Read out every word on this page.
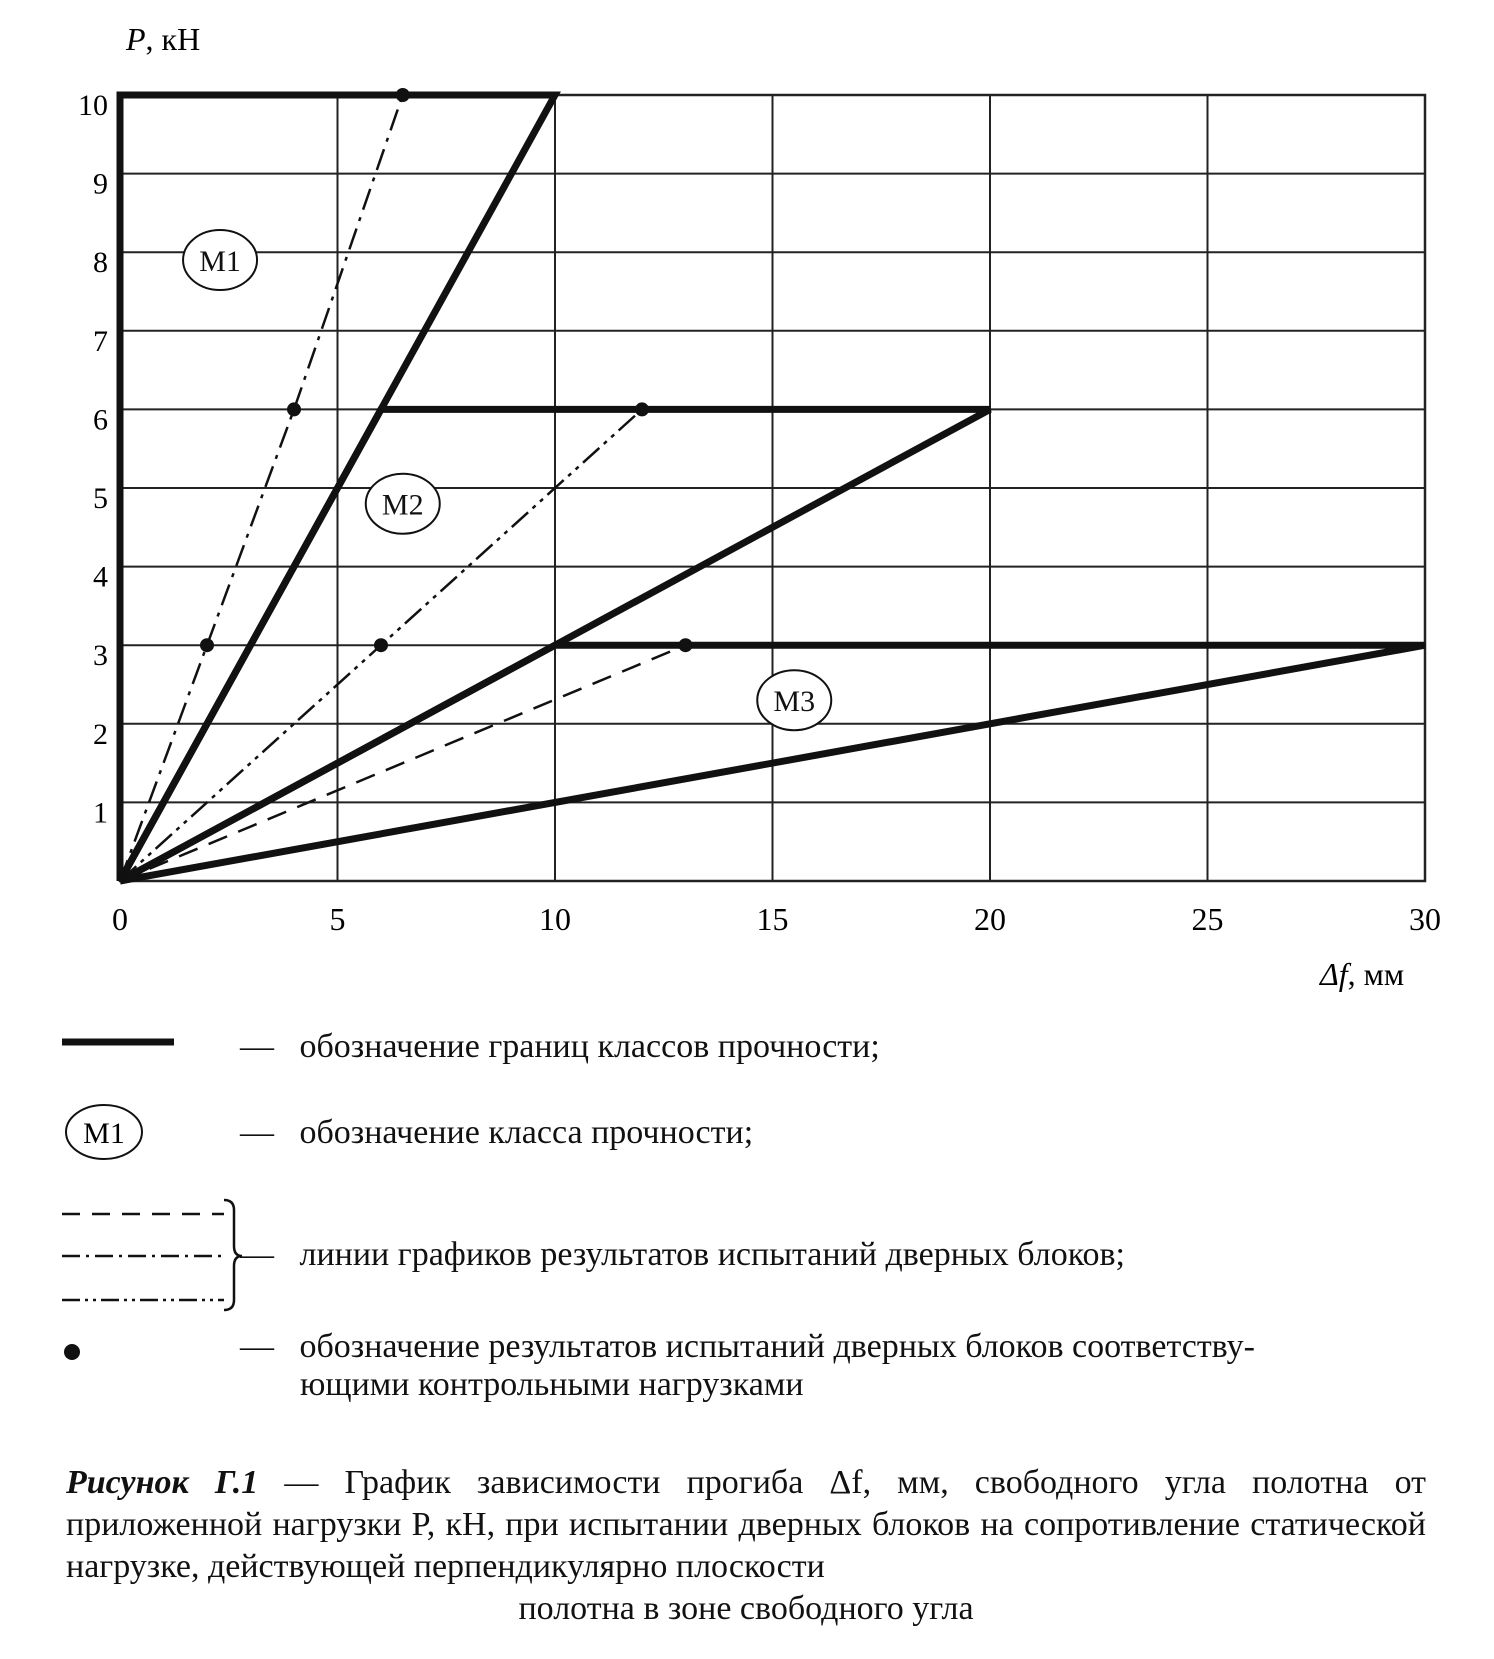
М1
М2
М3
0	5	10	15	20	25	30
1
2
3
4
5
6
7
8
9
10
P, кН
Δf, мм
— обозначение границ классов прочности;
М1	— обозначение класса прочности;
— линии графиков результатов испытаний дверных блоков;
— обозначение результатов испытаний дверных блоков соответству-
ющими контрольными нагрузками
Рисунок Г.1 — График зависимости прогиба Δf, мм, свободного угла полотна от приложенной нагрузки P, кН, при испытании дверных блоков на сопротивление статической нагрузке, действующей перпендикулярно плоскости
полотна в зоне свободного угла
